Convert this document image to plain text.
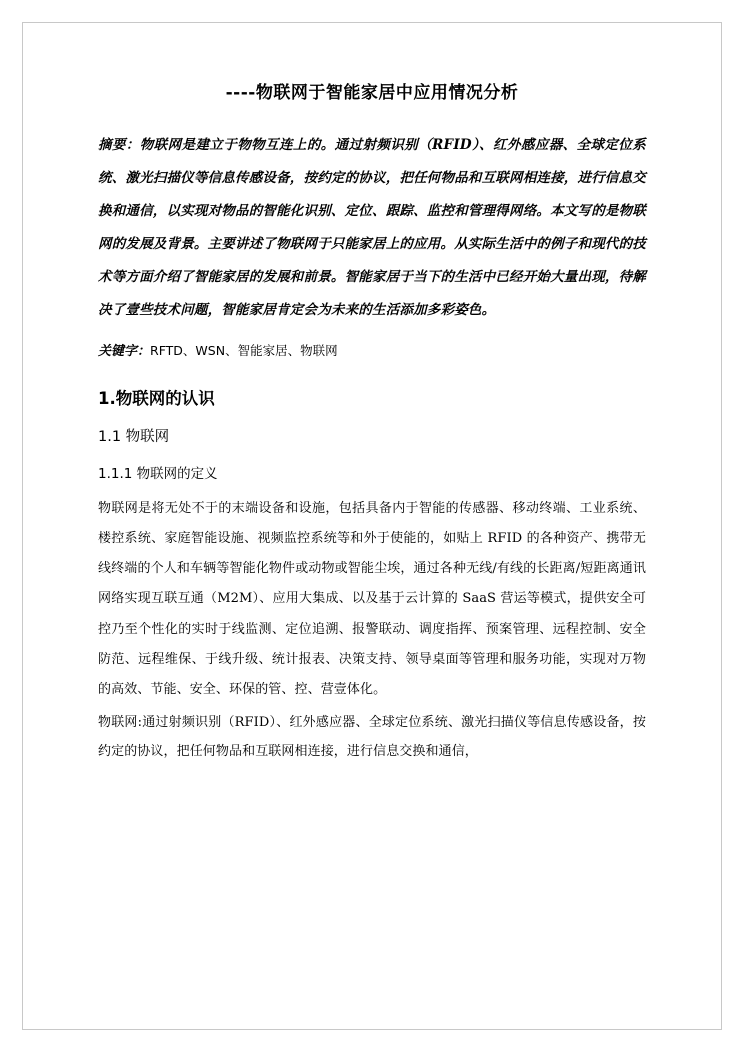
----物联网于智能家居中应用情况分析

摘要：物联网是建立于物物互连上的。通过射频识别（RFID）、红外感应器、全球定位系统、激光扫描仪等信息传感设备，按约定的协议，把任何物品和互联网相连接，进行信息交换和通信，以实现对物品的智能化识别、定位、跟踪、监控和管理得网络。本文写的是物联网的发展及背景。主要讲述了物联网于只能家居上的应用。从实际生活中的例子和现代的技术等方面介绍了智能家居的发展和前景。智能家居于当下的生活中已经开始大量出现，待解决了壹些技术问题，智能家居肯定会为未来的生活添加多彩姿色。

关键字：RFTD、WSN、智能家居、物联网

1.物联网的认识
1.1 物联网
1.1.1 物联网的定义

物联网是将无处不于的末端设备和设施，包括具备内于智能的传感器、移动终端、工业系统、楼控系统、家庭智能设施、视频监控系统等和外于使能的，如贴上 RFID 的各种资产、携带无线终端的个人和车辆等智能化物件或动物或智能尘埃，通过各种无线/有线的长距离/短距离通讯网络实现互联互通（M2M）、应用大集成、以及基于云计算的 SaaS 营运等模式，提供安全可控乃至个性化的实时于线监测、定位追溯、报警联动、调度指挥、预案管理、远程控制、安全防范、远程维保、于线升级、统计报表、决策支持、领导桌面等管理和服务功能，实现对万物的高效、节能、安全、环保的管、控、营壹体化。

物联网:通过射频识别（RFID）、红外感应器、全球定位系统、激光扫描仪等信息传感设备，按约定的协议，把任何物品和互联网相连接，进行信息交换和通信，
